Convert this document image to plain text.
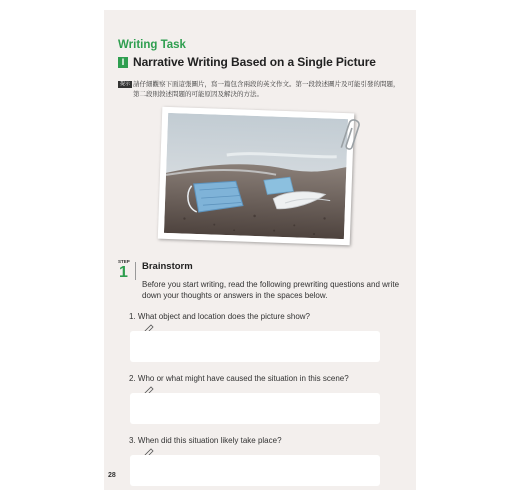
Writing Task
I Narrative Writing Based on a Single Picture
提示 請仔細觀察下面這張圖片，寫一篇包含兩段的英文作文。第一段敘述圖片及可能引發的問題，第二段則敘述問題的可能原因及解決的方法。
STEP
1 Brainstorm
Before you start writing, read the following prewriting questions and write down your thoughts or answers in the spaces below.
1. What object and location does the picture show?
2. Who or what might have caused the situation in this scene?
3. When did this situation likely take place?
28
